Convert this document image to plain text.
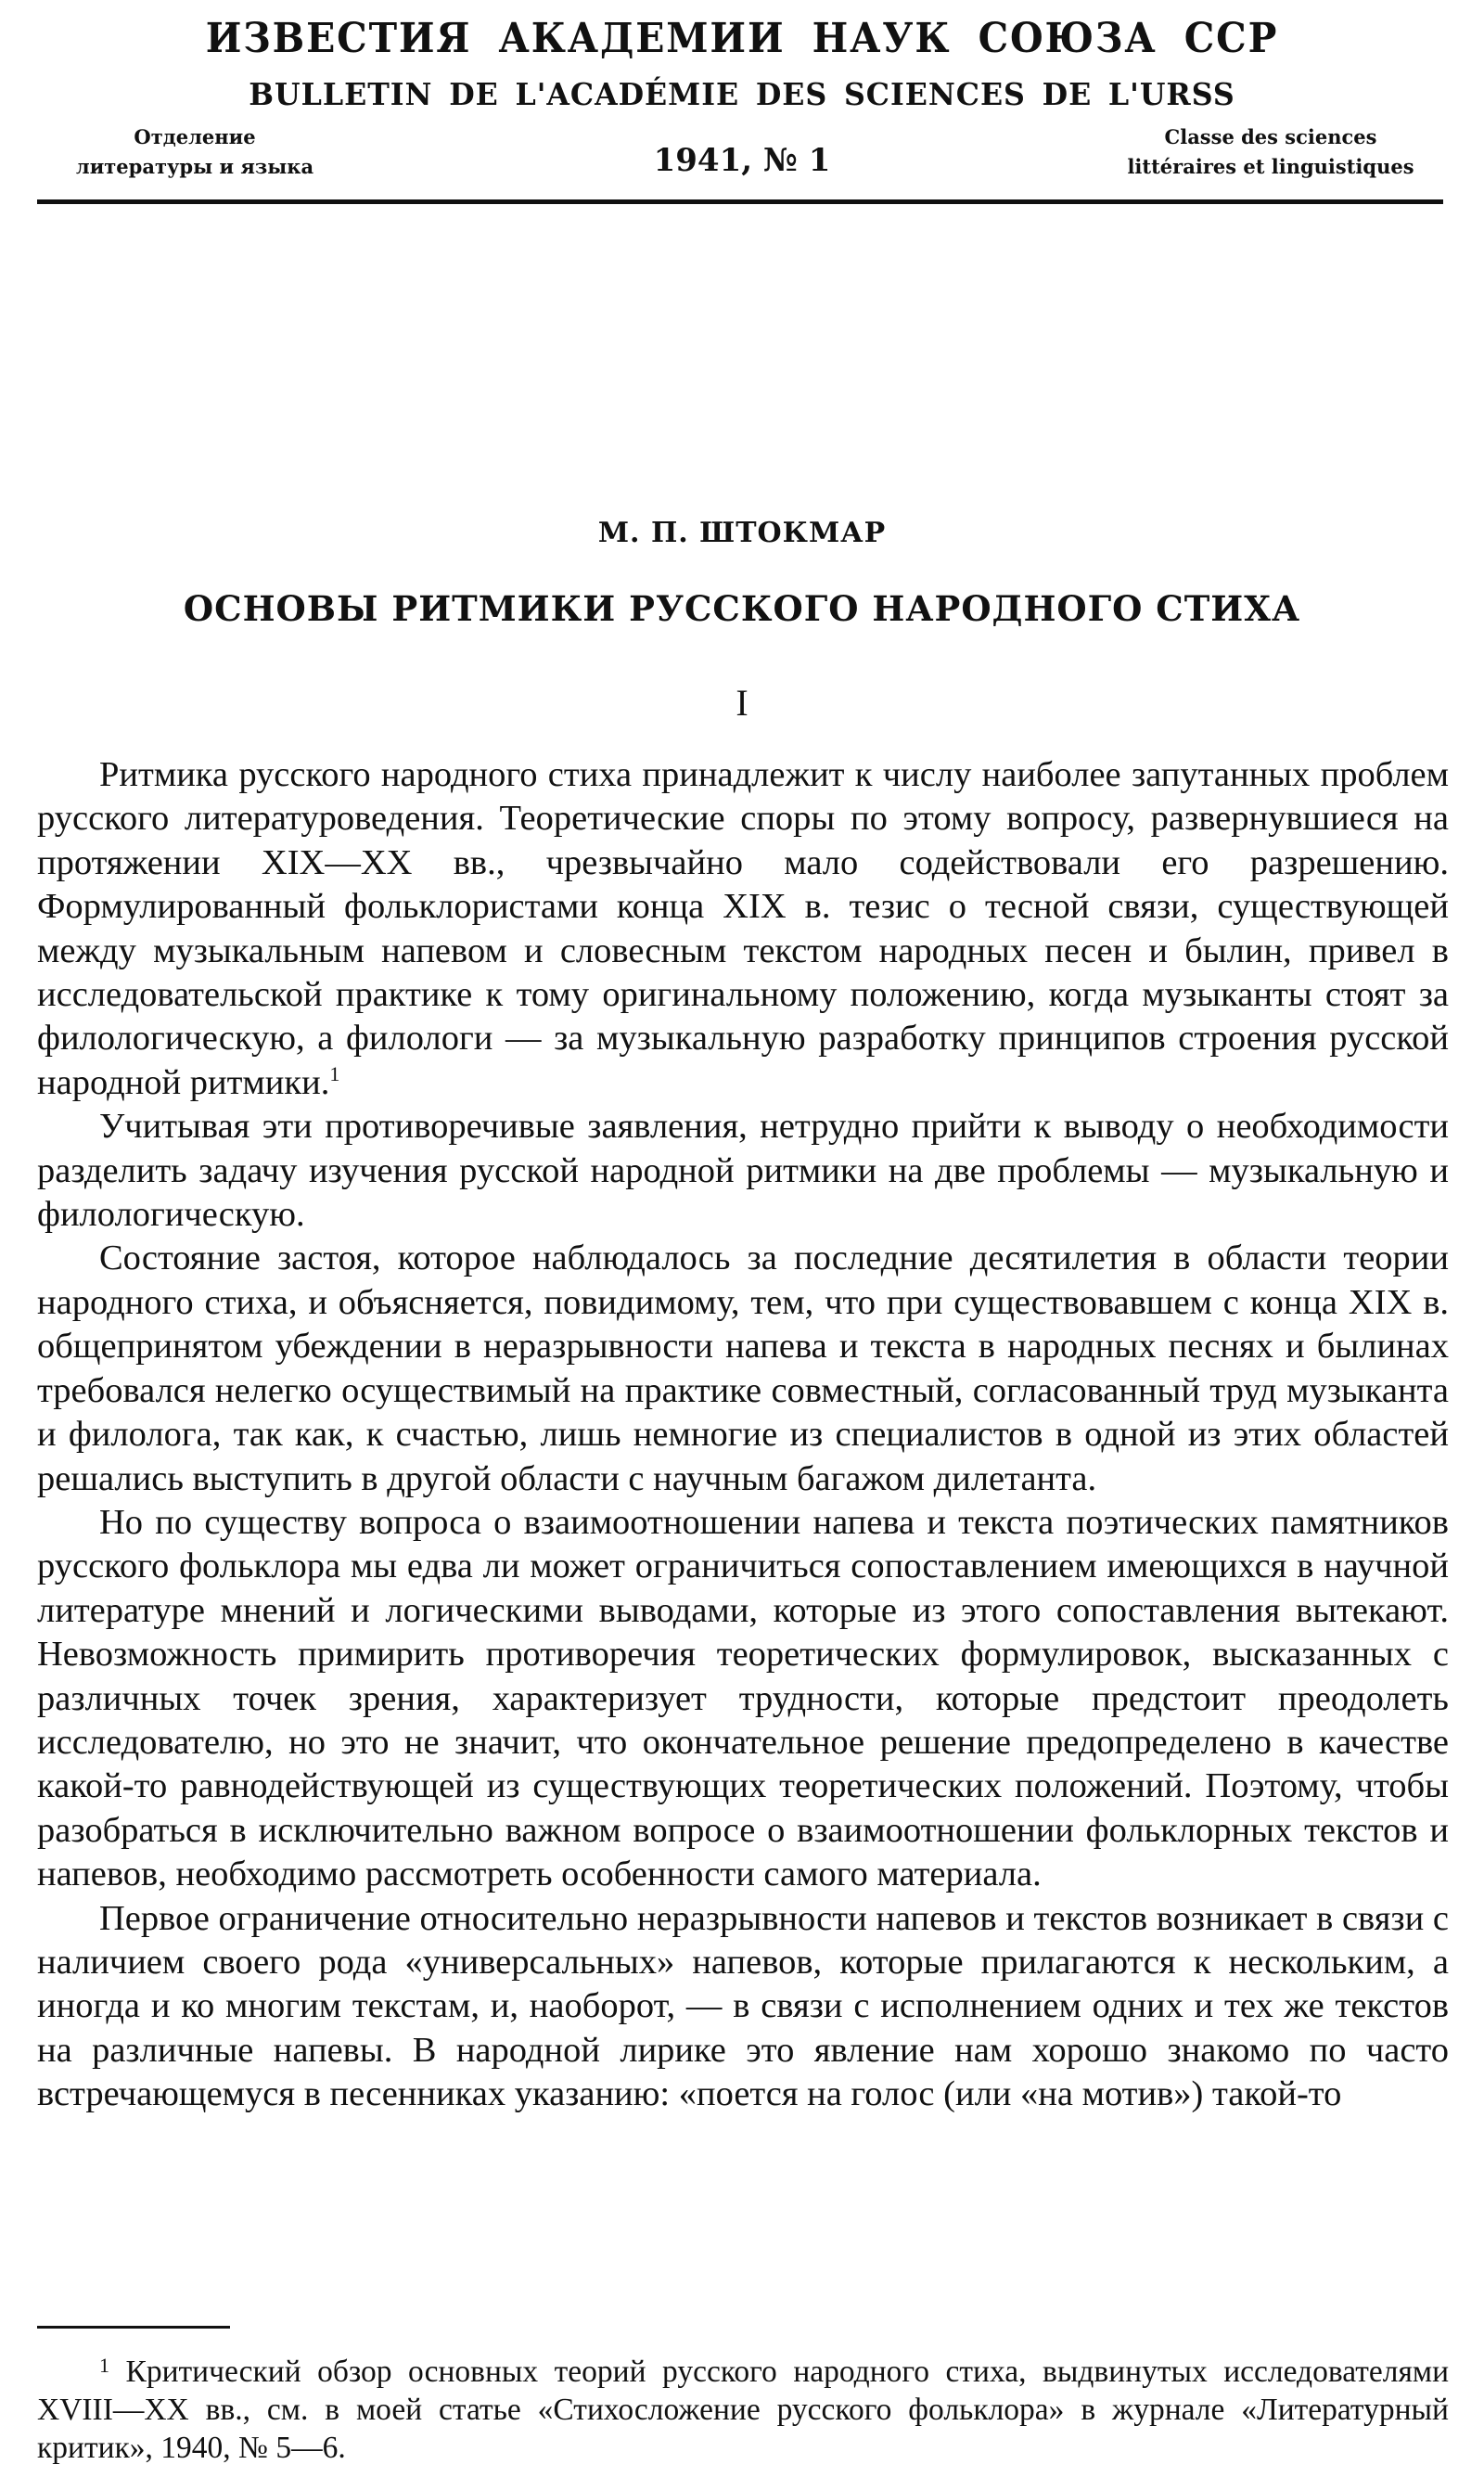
ИЗВЕСТИЯ АКАДЕМИИ НАУК СОЮЗА ССР
BULLETIN DE L'ACADÉMIE DES SCIENCES DE L'URSS
Отделение
литературы и языка	1941, № 1
Classe des sciences
littéraires et linguistiques
М. П. ШТОКМАР
ОСНОВЫ РИТМИКИ РУССКОГО НАРОДНОГО СТИХА
I

Ритмика русского народного стиха принадлежит к числу наиболее запутанных проблем русского литературоведения. Теоретические споры по этому вопросу, развернувшиеся на протяжении XIX—XX вв., чрезвычайно мало содействовали его разрешению. Формулированный фольклористами конца XIX в. тезис о тесной связи, существующей между музыкальным напевом и словесным текстом народных песен и былин, привел в исследовательской практике к тому оригинальному положению, когда музыканты стоят за филологическую, а филологи — за музыкальную разработку принципов строения русской народной ритмики.$^1$

Учитывая эти противоречивые заявления, нетрудно прийти к выводу о необходимости разделить задачу изучения русской народной ритмики на две проблемы — музыкальную и филологическую.

Состояние застоя, которое наблюдалось за последние десятилетия в области теории народного стиха, и объясняется, повидимому, тем, что при существовавшем с конца XIX в. общепринятом убеждении в неразрывности напева и текста в народных песнях и былинах требовался нелегко осуществимый на практике совместный, согласованный труд музыканта и филолога, так как, к счастью, лишь немногие из специалистов в одной из этих областей решались выступить в другой области с научным багажом дилетанта.

Но по существу вопроса о взаимоотношении напева и текста поэтических памятников русского фольклора мы едва ли может ограничиться сопоставлением имеющихся в научной литературе мнений и логическими выводами, которые из этого сопоставления вытекают. Невозможность примирить противоречия теоретических формулировок, высказанных с различных точек зрения, характеризует трудности, которые предстоит преодолеть исследователю, но это не значит, что окончательное решение предопределено в качестве какой-то равнодействующей из существующих теоретических положений. Поэтому, чтобы разобраться в исключительно важном вопросе о взаимоотношении фольклорных текстов и напевов, необходимо рассмотреть особенности самого материала.

Первое ограничение относительно неразрывности напевов и текстов возникает в связи с наличием своего рода «универсальных» напевов, которые прилагаются к нескольким, а иногда и ко многим текстам, и, наоборот, — в связи с исполнением одних и тех же текстов на различные напевы. В народной лирике это явление нам хорошо знакомо по часто встречающемуся в песенниках указанию: «поется на голос (или «на мотив») такой-то

$^1$ Критический обзор основных теорий русского народного стиха, выдвинутых исследователями XVIII—XX вв., см. в моей статье «Стихосложение русского фольклора» в журнале «Литературный критик», 1940, № 5—6.
